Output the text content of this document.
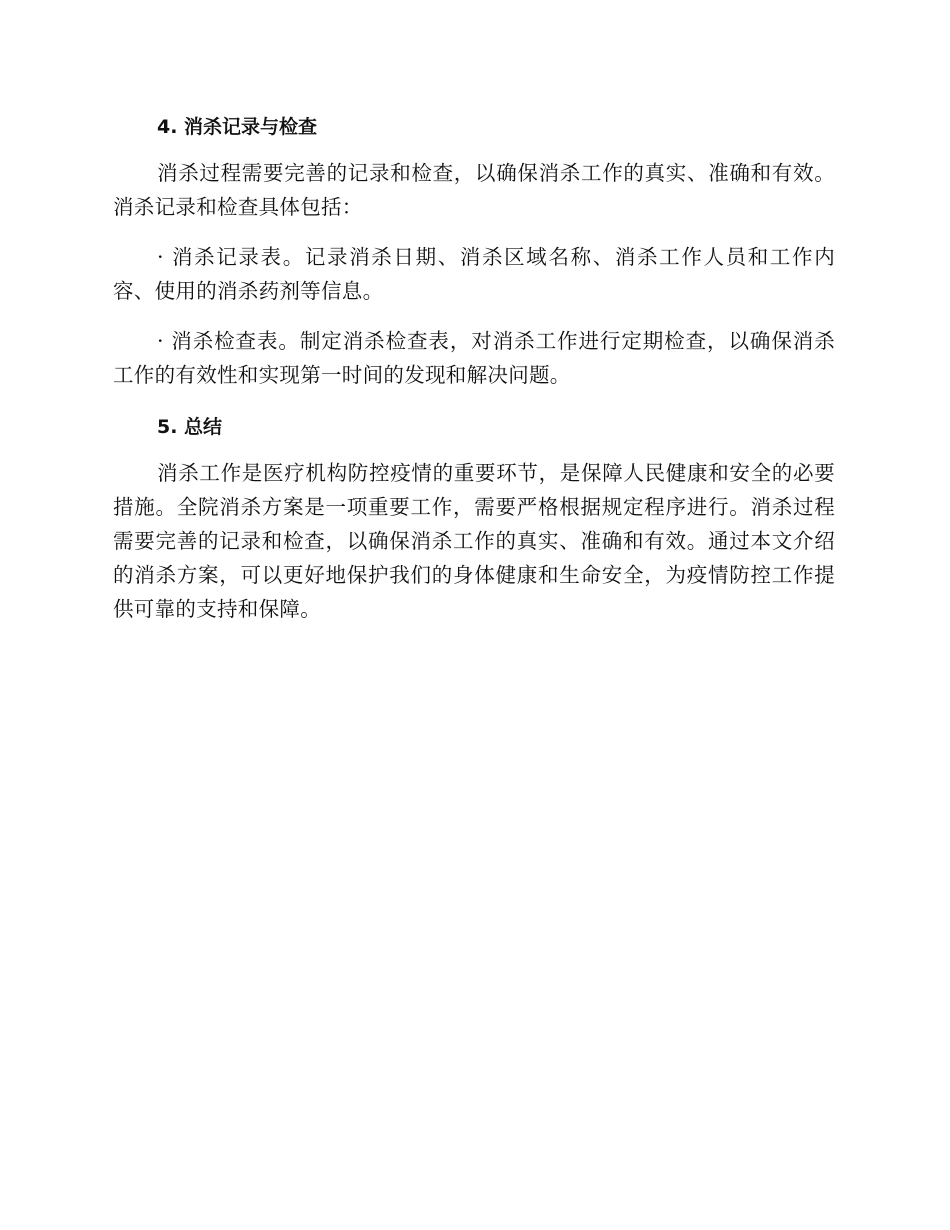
4. 消杀记录与检查

消杀过程需要完善的记录和检查，以确保消杀工作的真实、准确和有效。消杀记录和检查具体包括：

· 消杀记录表。记录消杀日期、消杀区域名称、消杀工作人员和工作内容、使用的消杀药剂等信息。

· 消杀检查表。制定消杀检查表，对消杀工作进行定期检查，以确保消杀工作的有效性和实现第一时间的发现和解决问题。

5. 总结

消杀工作是医疗机构防控疫情的重要环节，是保障人民健康和安全的必要措施。全院消杀方案是一项重要工作，需要严格根据规定程序进行。消杀过程需要完善的记录和检查，以确保消杀工作的真实、准确和有效。通过本文介绍的消杀方案，可以更好地保护我们的身体健康和生命安全，为疫情防控工作提供可靠的支持和保障。
